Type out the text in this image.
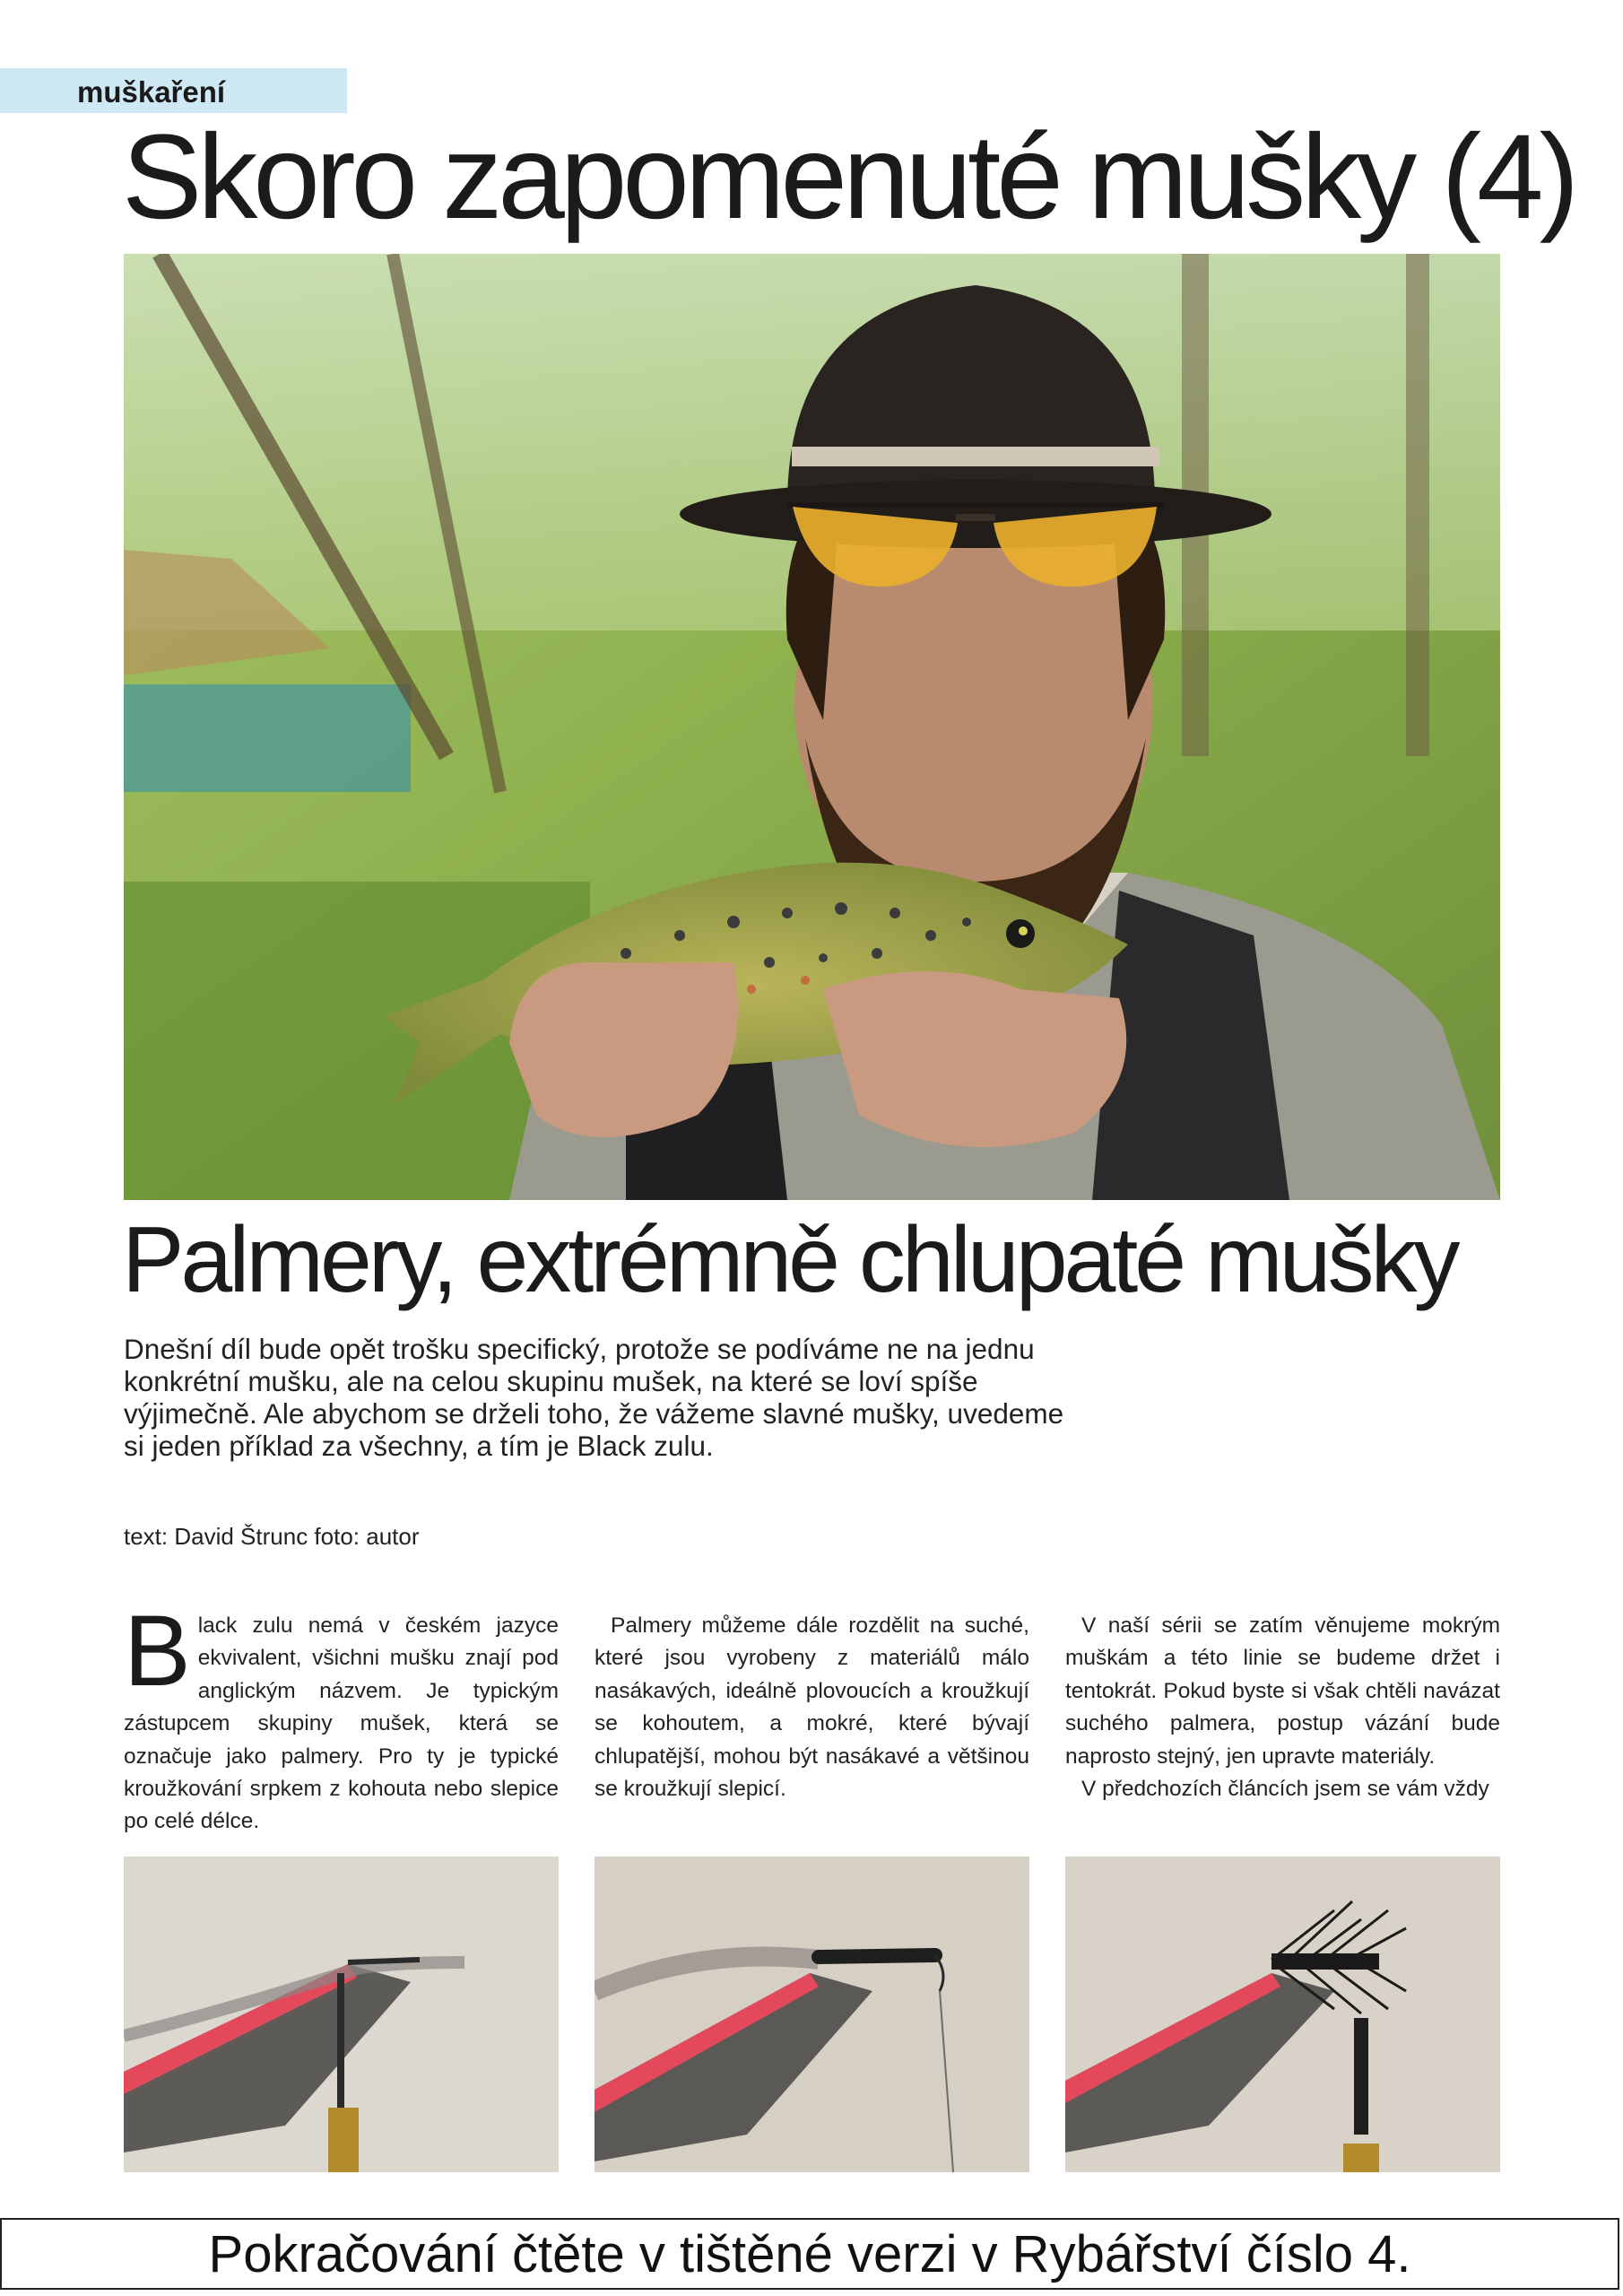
muškaření
Skoro zapomenuté mušky (4)
Palmery, extrémně chlupaté mušky

Dnešní díl bude opět trošku specifický, protože se podíváme ne na jednu konkrétní mušku, ale na celou skupinu mušek, na které se loví spíše výjimečně. Ale abychom se drželi toho, že vážeme slavné mušky, uvedeme si jeden příklad za všechny, a tím je Black zulu.

text: David Štrunc foto: autor

Black zulu nemá v českém jazyce ekvivalent, všichni mušku znají pod anglickým názvem. Je typickým zástupcem skupiny mušek, která se označuje jako palmery. Pro ty je typické kroužkování srpkem z kohouta nebo slepice po celé délce.

Palmery můžeme dále rozdělit na suché, které jsou vyrobeny z materiálů málo nasákavých, ideálně plovoucích a kroužkují se kohoutem, a mokré, které bývají chlupatější, mohou být nasákavé a většinou se kroužkují slepicí.

V naší sérii se zatím věnujeme mokrým muškám a této linie se budeme držet i tentokrát. Pokud byste si však chtěli navázat suchého palmera, postup vázání bude naprosto stejný, jen upravte materiály.

V předchozích článcích jsem se vám vždy

Pokračování čtěte v tištěné verzi v Rybářství číslo 4.
